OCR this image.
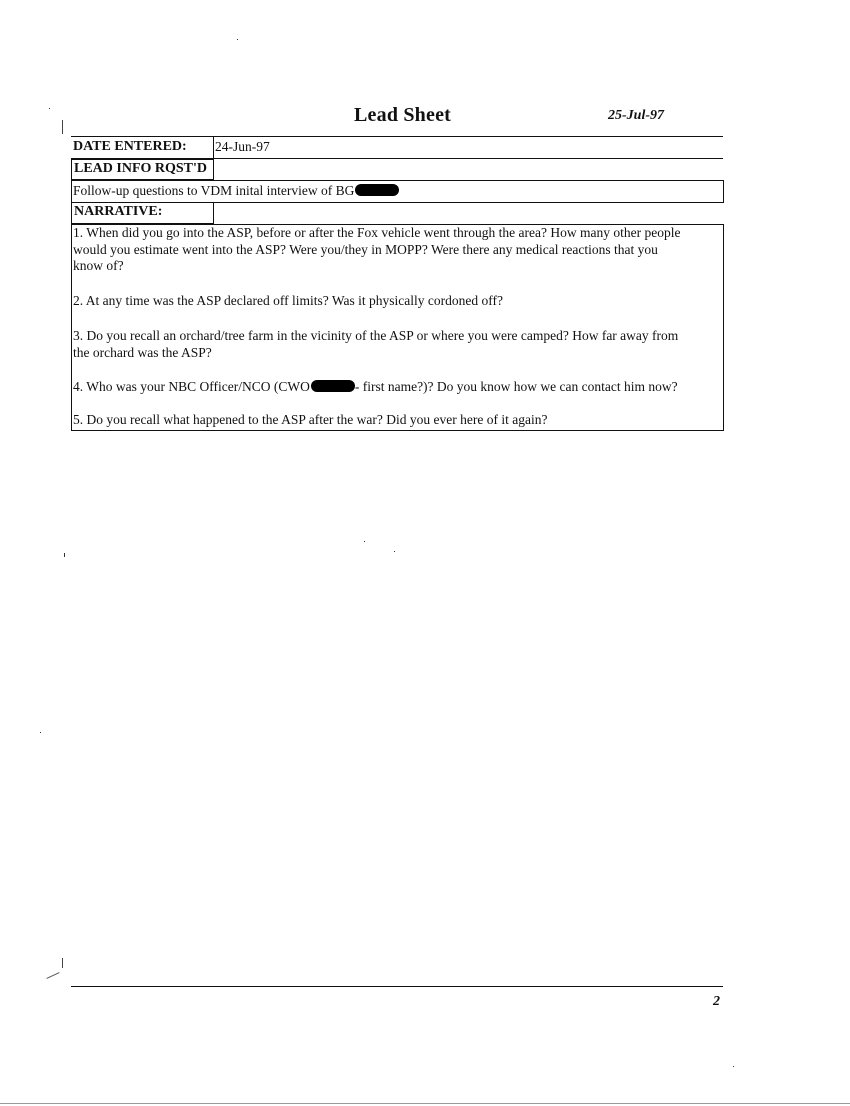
Lead Sheet	25-Jul-97
DATE ENTERED: 24-Jun-97
LEAD INFO RQST'D
Follow-up questions to VDM inital interview of BG
NARRATIVE:
1. When did you go into the ASP, before or after the Fox vehicle went through the area? How many other people
would you estimate went into the ASP? Were you/they in MOPP? Were there any medical reactions that you
know of?
2. At any time was the ASP declared off limits? Was it physically cordoned off?
3. Do you recall an orchard/tree farm in the vicinity of the ASP or where you were camped? How far away from
the orchard was the ASP?
4. Who was your NBC Officer/NCO (CWO	- first name?)? Do you know how we can contact him now?
5. Do you recall what happened to the ASP after the war? Did you ever here of it again?
2
